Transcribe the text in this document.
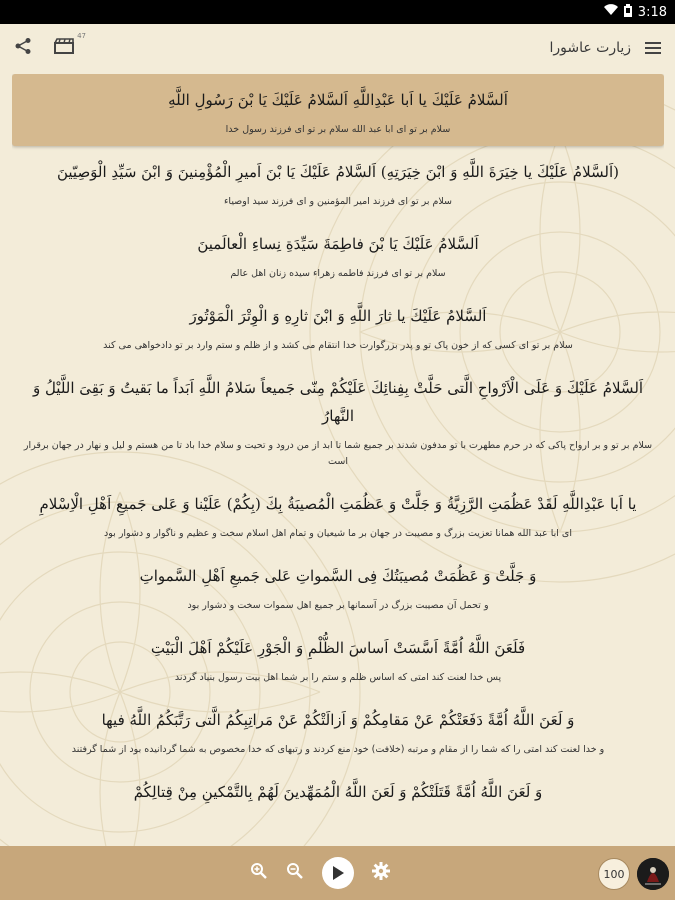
3:18
47
زیارت عاشورا
اَلسَّلامُ عَلَيْكَ يا اَبا عَبْدِاللَّهِ اَلسَّلامُ عَلَيْكَ يَا بْنَ رَسُولِ اللَّهِ
سلام بر تو ای ابا عبد الله سلام بر تو ای فرزند رسول خدا
(اَلسَّلامُ عَلَيْكَ يا خِيَرَةَ اللَّهِ وَ ابْنَ خِيَرَتِهِ) اَلسَّلامُ عَلَيْكَ يَا بْنَ اَميرِ الْمُؤْمِنينَ وَ ابْنَ سَيِّدِ الْوَصِيّينَ
سلام بر تو ای فرزند امیر المؤمنین و ای فرزند سید اوصیاء
اَلسَّلامُ عَلَيْكَ يَا بْنَ فاطِمَةَ سَيِّدَةِ نِساءِ الْعالَمينَ
سلام بر تو ای فرزند فاطمه زهراء سیده زنان اهل عالم
اَلسَّلامُ عَلَيْكَ يا ثارَ اللَّهِ وَ ابْنَ ثارِهِ وَ الْوِتْرَ الْمَوْتُورَ
سلام بر تو ای کسی که از خون پاک تو و پدر بزرگوارت خدا انتقام می کشد و از ظلم و ستم وارد بر تو دادخواهی می کند
اَلسَّلامُ عَلَيْكَ وَ عَلَى الْاَرْواحِ الَّتى حَلَّتْ بِفِنائِكَ عَلَيْكُمْ مِنّى جَميعاً سَلامُ اللَّهِ اَبَداً ما بَقيتُ وَ بَقِىَ اللَّيْلُ وَ النَّهارُ
سلام بر تو و بر ارواح پاکی که در حرم مطهرت با تو مدفون شدند بر جمیع شما تا ابد از من درود و تحیت و سلام خدا باد تا من هستم و لیل و نهار در جهان برقرار است
يا اَبا عَبْدِاللَّهِ لَقَدْ عَظُمَتِ الرَّزِيَّةُ وَ جَلَّتْ وَ عَظُمَتِ الْمُصيبَةُ بِكَ (بِكُمْ) عَلَيْنا وَ عَلى جَميعِ اَهْلِ الْاِسْلامِ
ای ابا عبد الله همانا تعزیت بزرگ و مصیبت در جهان بر ما شیعیان و تمام اهل اسلام سخت و عظیم و ناگوار و دشوار بود
وَ جَلَّتْ وَ عَظُمَتْ مُصيبَتُكَ فِى السَّمواتِ عَلى جَميعِ اَهْلِ السَّمواتِ
و تحمل آن مصیبت بزرگ در آسمانها بر جمیع اهل سموات سخت و دشوار بود
فَلَعَنَ اللَّهُ اُمَّةً اَسَّسَتْ اَساسَ الظُّلْمِ وَ الْجَوْرِ عَلَيْكُمْ اَهْلَ الْبَيْتِ
پس خدا لعنت کند امتی که اساس ظلم و ستم را بر شما اهل بیت رسول بنیاد گردند
وَ لَعَنَ اللَّهُ اُمَّةً دَفَعَتْكُمْ عَنْ مَقامِكُمْ وَ اَزالَتْكُمْ عَنْ مَراتِبِكُمُ الَّتى رَتَّبَكُمُ اللَّهُ فيها
و خدا لعنت کند امتی را که شما را از مقام و مرتبه (خلافت) خود منع کردند و رتبهای که خدا مخصوص به شما گردانیده بود از شما گرفتند
وَ لَعَنَ اللَّهُ اُمَّةً قَتَلَتْكُمْ وَ لَعَنَ اللَّهُ الْمُمَهِّدينَ لَهُمْ بِالتَّمْكينِ مِنْ قِتالِكُمْ
100
